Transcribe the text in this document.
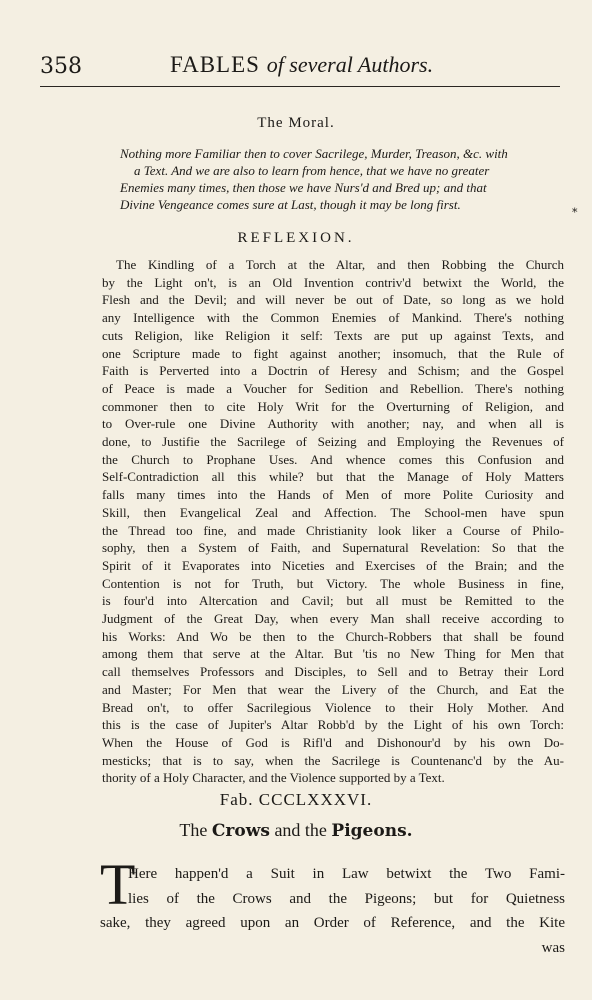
358	FABLES of several Authors.
The Moral.
Nothing more Familiar then to cover Sacrilege, Murder, Treason, &c. with
a Text. And we are also to learn from hence, that we have no greater
Enemies many times, then those we have Nurs'd and Bred up; and that
Divine Vengeance comes sure at Last, though it may be long first.
*
REFLEXION.
The Kindling of a Torch at the Altar, and then Robbing the Church
by the Light on't, is an Old Invention contriv'd betwixt the World, the
Flesh and the Devil; and will never be out of Date, so long as we hold
any Intelligence with the Common Enemies of Mankind. There's nothing
cuts Religion, like Religion it self: Texts are put up against Texts, and
one Scripture made to fight against another; insomuch, that the Rule of
Faith is Perverted into a Doctrin of Heresy and Schism; and the Gospel
of Peace is made a Voucher for Sedition and Rebellion. There's nothing
commoner then to cite Holy Writ for the Overturning of Religion, and
to Over-rule one Divine Authority with another; nay, and when all is
done, to Justifie the Sacrilege of Seizing and Employing the Revenues of
the Church to Prophane Uses. And whence comes this Confusion and
Self-Contradiction all this while? but that the Manage of Holy Matters
falls many times into the Hands of Men of more Polite Curiosity and
Skill, then Evangelical Zeal and Affection. The School-men have spun
the Thread too fine, and made Christianity look liker a Course of Philo-
sophy, then a System of Faith, and Supernatural Revelation: So that the
Spirit of it Evaporates into Niceties and Exercises of the Brain; and the
Contention is not for Truth, but Victory. The whole Business in fine,
is four'd into Altercation and Cavil; but all must be Remitted to the
Judgment of the Great Day, when every Man shall receive according to
his Works: And Wo be then to the Church-Robbers that shall be found
among them that serve at the Altar. But 'tis no New Thing for Men that
call themselves Professors and Disciples, to Sell and to Betray their Lord
and Master; For Men that wear the Livery of the Church, and Eat the
Bread on't, to offer Sacrilegious Violence to their Holy Mother. And
this is the case of Jupiter's Altar Robb'd by the Light of his own Torch:
When the House of God is Rifl'd and Dishonour'd by his own Do-
mesticks; that is to say, when the Sacrilege is Countenanc'd by the Au-
thority of a Holy Character, and the Violence supported by a Text.
Fab. CCCLXXXVI.
The Crows and the Pigeons.
T
Here happen'd a Suit in Law betwixt the Two Fami-
lies of the Crows and the Pigeons; but for Quietness
sake, they agreed upon an Order of Reference, and the Kite
was
